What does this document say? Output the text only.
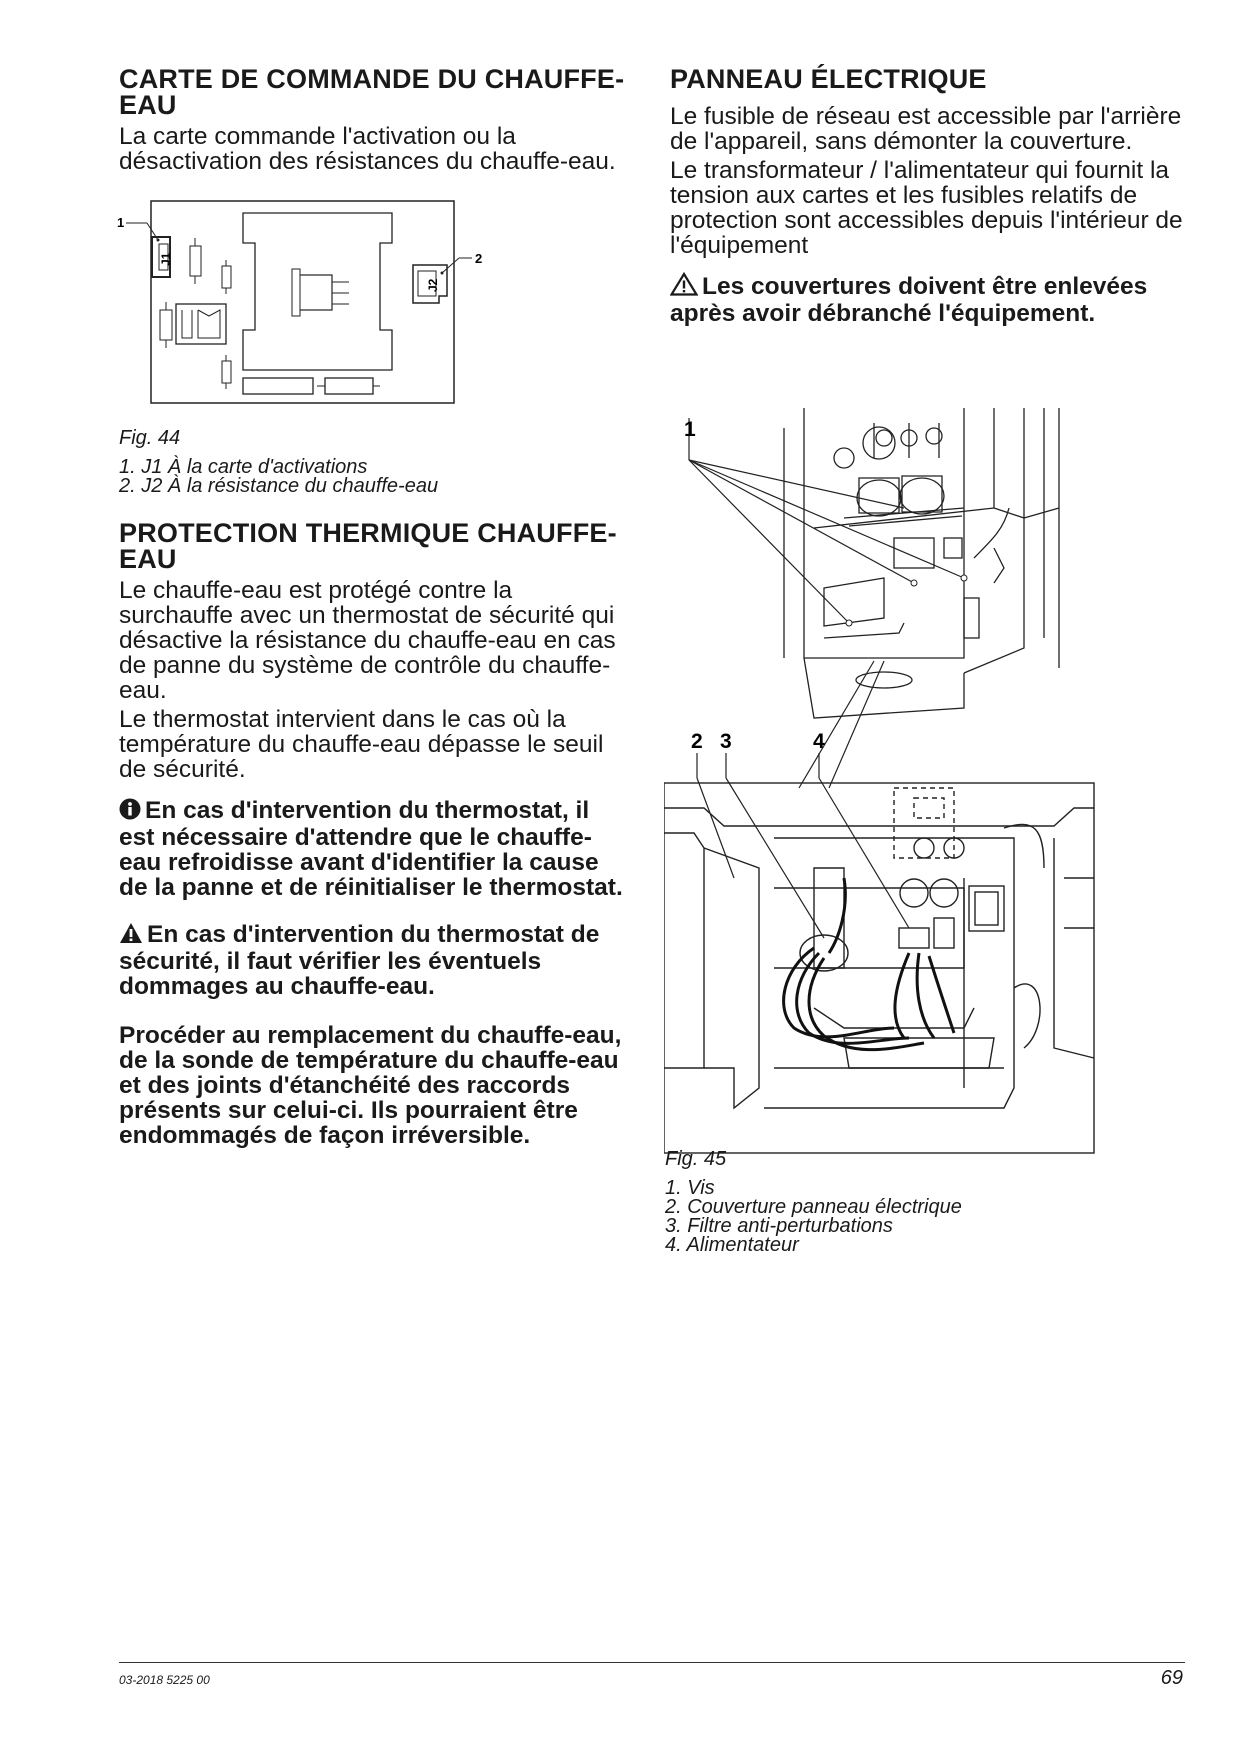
CARTE DE COMMANDE DU CHAUFFE-EAU

La carte commande l'activation ou la désactivation des résistances du chauffe-eau.

J1
J2
1
2

Fig. 44

1. J1 À la carte d'activations
2. J2 À la résistance du chauffe-eau
PROTECTION THERMIQUE CHAUFFE-EAU

Le chauffe-eau est protégé contre la surchauffe avec un thermostat de sécurité qui désactive la résistance du chauffe-eau en cas de panne du système de contrôle du chauffe-eau.

Le thermostat intervient dans le cas où la température du chauffe-eau dépasse le seuil de sécurité.

En cas d'intervention du thermostat, il est nécessaire d'attendre que le chauffe-eau refroidisse avant d'identifier la cause de la panne et de réinitialiser le thermostat.

En cas d'intervention du thermostat de sécurité, il faut vérifier les éventuels dommages au chauffe-eau.

Procéder au remplacement du chauffe-eau, de la sonde de température du chauffe-eau et des joints d'étanchéité des raccords présents sur celui-ci. Ils pourraient être endommagés de façon irréversible.

PANNEAU ÉLECTRIQUE

Le fusible de réseau est accessible par l'arrière de l'appareil, sans démonter la couverture.

Le transformateur / l'alimentateur qui fournit la tension aux cartes et les fusibles relatifs de protection sont accessibles depuis l'intérieur de l'équipement

Les couvertures doivent être enlevées après avoir débranché l'équipement.

1
2 3	4

Fig. 45

1. Vis
2. Couverture panneau électrique
3. Filtre anti-perturbations
4. Alimentateur
03-2018 5225 00	69
